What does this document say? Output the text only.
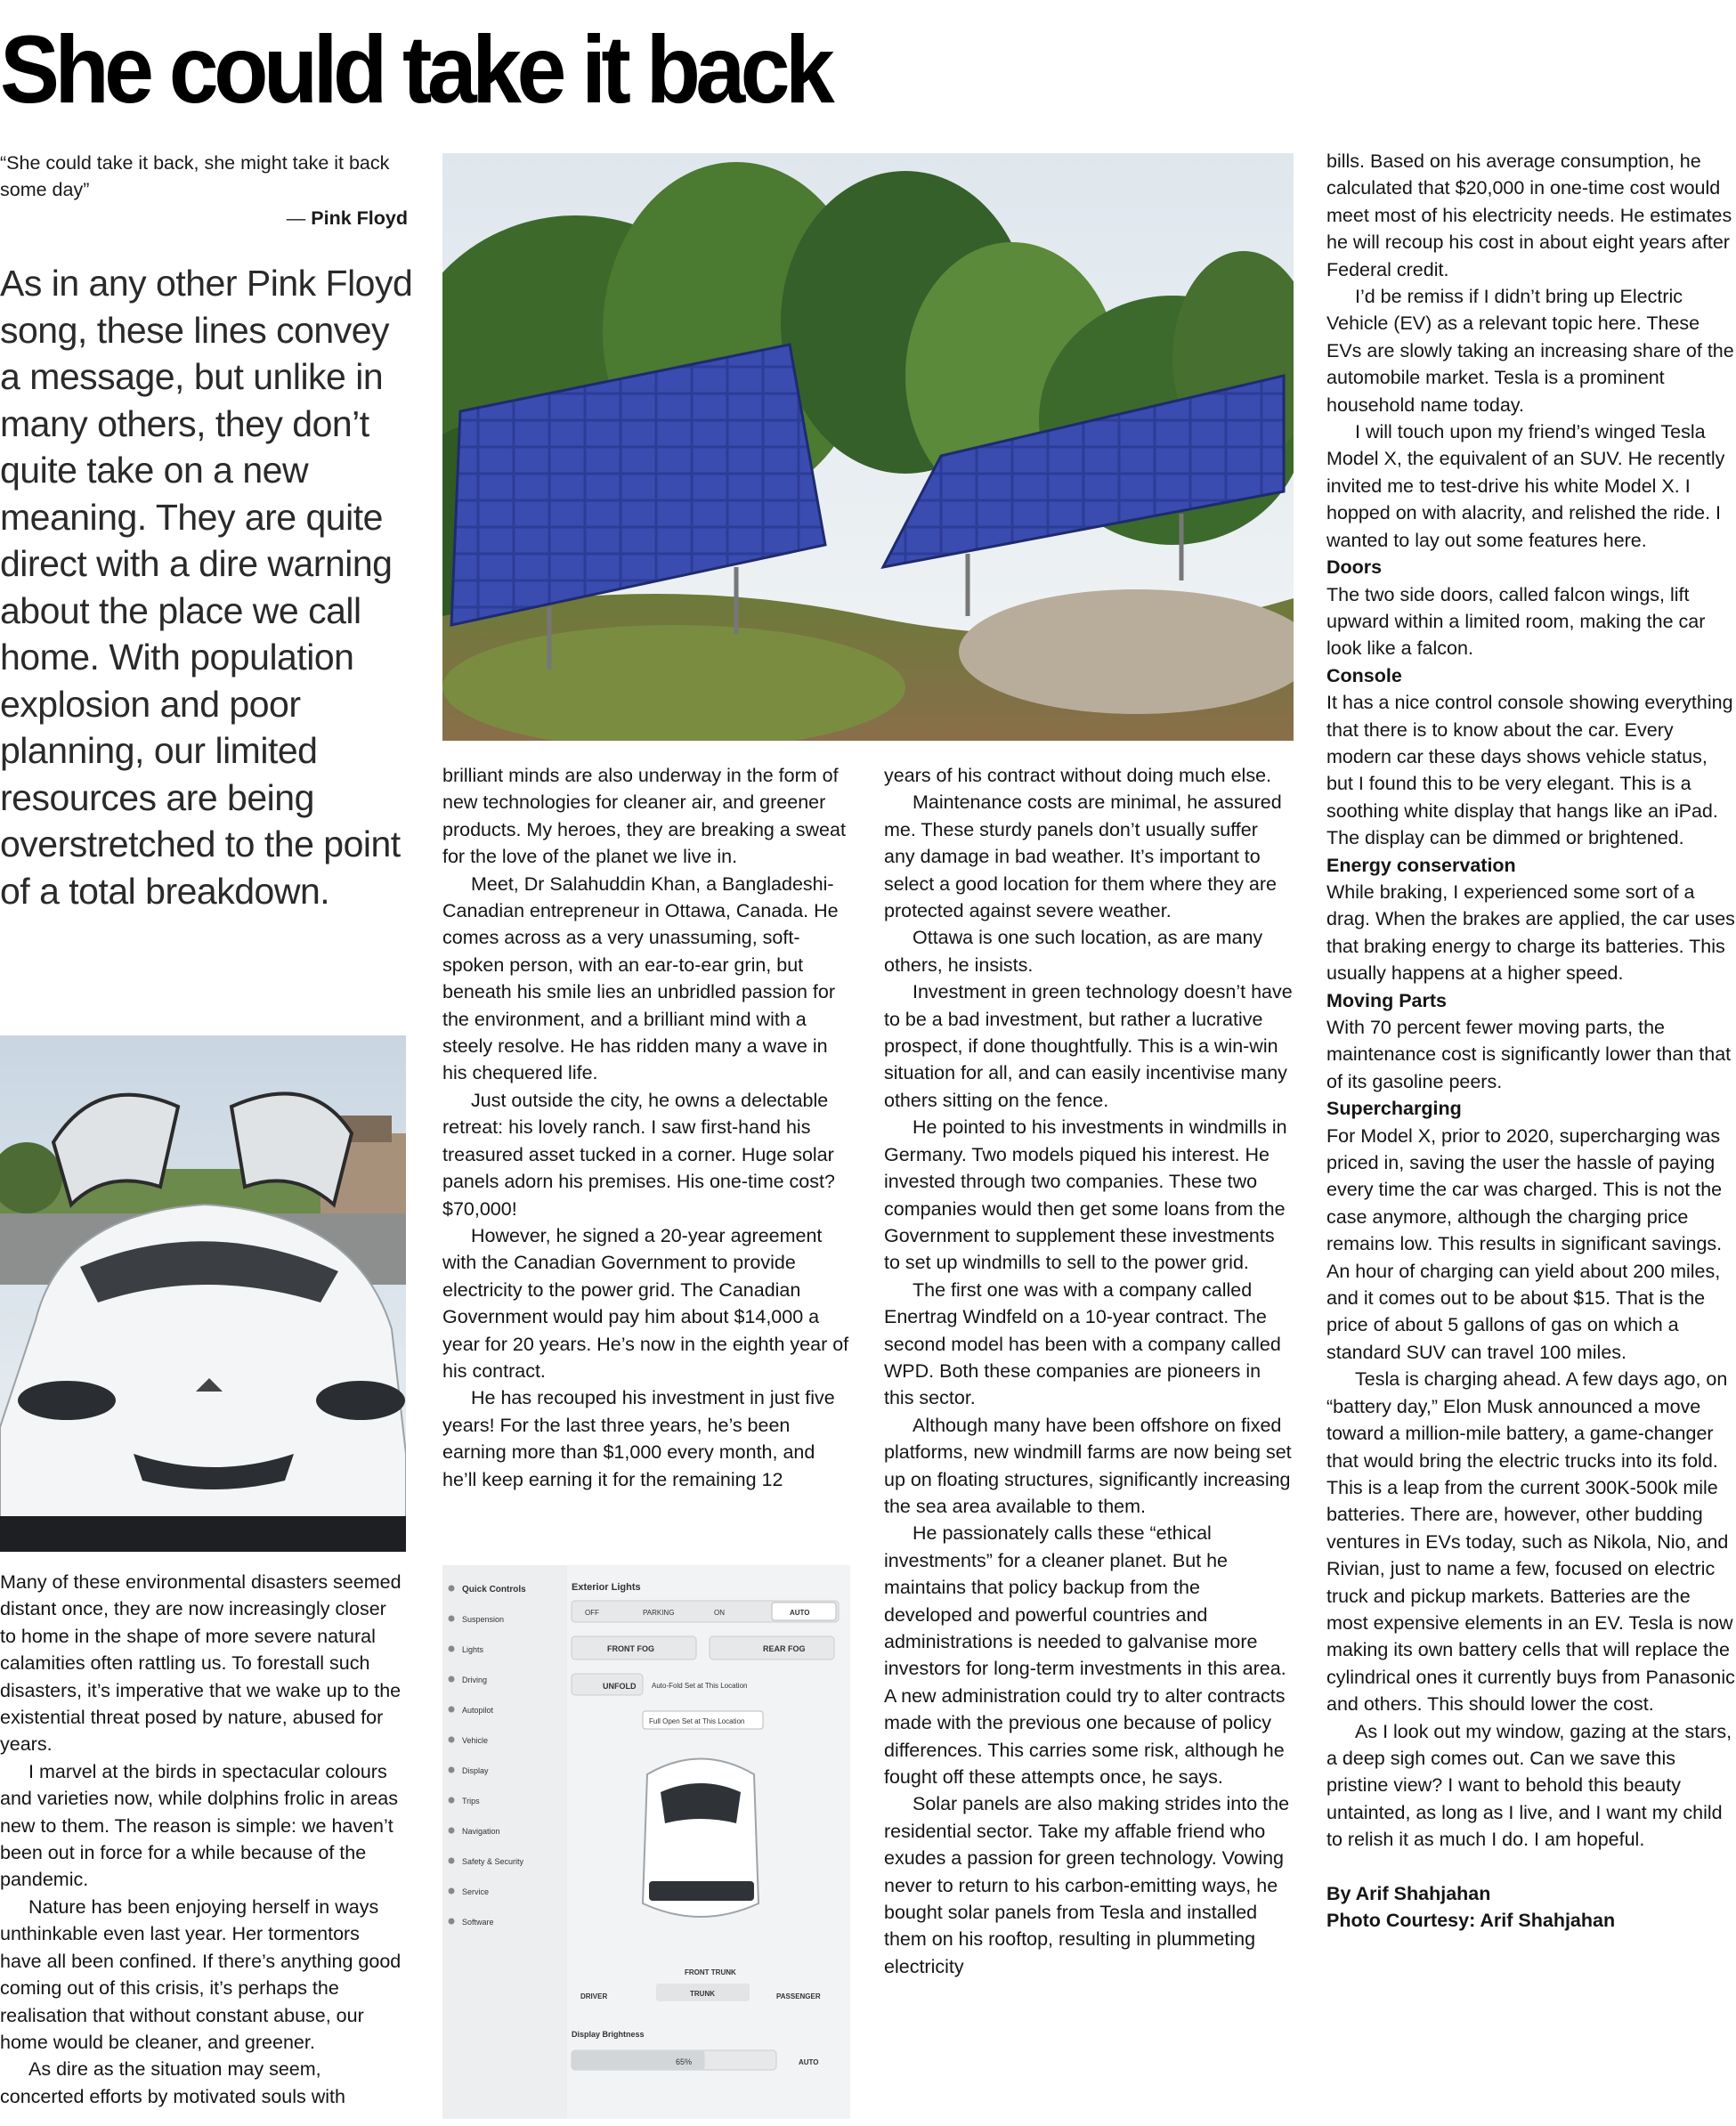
She could take it back
“She could take it back, she might take it back some day”
— Pink Floyd
As in any other Pink Floyd song, these lines convey a message, but unlike in many others, they don’t quite take on a new meaning. They are quite direct with a dire warning about the place we call home. With population explosion and poor planning, our limited resources are being overstretched to the point of a total breakdown.
Quick Controls
Suspension
Lights
Driving
Autopilot
Vehicle
Display
Trips
Navigation
Safety & Security
Service
Software
Exterior Lights
OFF	PARKING	ON	AUTO
FRONT FOG	REAR FOG
UNFOLD Auto-Fold Set at This Location
Full Open Set at This Location
FRONT TRUNK
TRUNK
DRIVER	PASSENGER
Display Brightness
65%	AUTO

Many of these environmental disasters seemed distant once, they are now increasingly closer to home in the shape of more severe natural calamities often rattling us. To forestall such disasters, it’s imperative that we wake up to the existential threat posed by nature, abused for years.

I marvel at the birds in spectacular colours and varieties now, while dolphins frolic in areas new to them. The reason is simple: we haven’t been out in force for a while because of the pandemic.

Nature has been enjoying herself in ways unthinkable even last year. Her tormentors have all been confined. If there’s anything good coming out of this crisis, it’s perhaps the realisation that without constant abuse, our home would be cleaner, and greener.

As dire as the situation may seem, concerted efforts by motivated souls with

brilliant minds are also underway in the form of new technologies for cleaner air, and greener products. My heroes, they are breaking a sweat for the love of the planet we live in.

Meet, Dr Salahuddin Khan, a Bangladeshi-Canadian entrepreneur in Ottawa, Canada. He comes across as a very unassuming, soft-spoken person, with an ear-to-ear grin, but beneath his smile lies an unbridled passion for the environment, and a brilliant mind with a steely resolve. He has ridden many a wave in his chequered life.

Just outside the city, he owns a delectable retreat: his lovely ranch. I saw first-hand his treasured asset tucked in a corner. Huge solar panels adorn his premises. His one-time cost? $70,000!

However, he signed a 20-year agreement with the Canadian Government to provide electricity to the power grid. The Canadian Government would pay him about $14,000 a year for 20 years. He’s now in the eighth year of his contract.

He has recouped his investment in just five years! For the last three years, he’s been earning more than $1,000 every month, and he’ll keep earning it for the remaining 12

years of his contract without doing much else.

Maintenance costs are minimal, he assured me. These sturdy panels don’t usually suffer any damage in bad weather. It’s important to select a good location for them where they are protected against severe weather.

Ottawa is one such location, as are many others, he insists.

Investment in green technology doesn’t have to be a bad investment, but rather a lucrative prospect, if done thoughtfully. This is a win-win situation for all, and can easily incentivise many others sitting on the fence.

He pointed to his investments in windmills in Germany. Two models piqued his interest. He invested through two companies. These two companies would then get some loans from the Government to supplement these investments to set up windmills to sell to the power grid.

The first one was with a company called Enertrag Windfeld on a 10-year contract. The second model has been with a company called WPD. Both these companies are pioneers in this sector.

Although many have been offshore on fixed platforms, new windmill farms are now being set up on floating structures, significantly increasing the sea area available to them.

He passionately calls these “ethical investments” for a cleaner planet. But he maintains that policy backup from the developed and powerful countries and administrations is needed to galvanise more investors for long-term investments in this area. A new administration could try to alter contracts made with the previous one because of policy differences. This carries some risk, although he fought off these attempts once, he says.

Solar panels are also making strides into the residential sector. Take my affable friend who exudes a passion for green technology. Vowing never to return to his carbon-emitting ways, he bought solar panels from Tesla and installed them on his rooftop, resulting in plummeting electricity

bills. Based on his average consumption, he calculated that $20,000 in one-time cost would meet most of his electricity needs. He estimates he will recoup his cost in about eight years after Federal credit.

I’d be remiss if I didn’t bring up Electric Vehicle (EV) as a relevant topic here. These EVs are slowly taking an increasing share of the automobile market. Tesla is a prominent household name today.

I will touch upon my friend’s winged Tesla Model X, the equivalent of an SUV. He recently invited me to test-drive his white Model X. I hopped on with alacrity, and relished the ride. I wanted to lay out some features here.

Doors

The two side doors, called falcon wings, lift upward within a limited room, making the car look like a falcon.

Console

It has a nice control console showing everything that there is to know about the car. Every modern car these days shows vehicle status, but I found this to be very elegant. This is a soothing white display that hangs like an iPad. The display can be dimmed or brightened.

Energy conservation

While braking, I experienced some sort of a drag. When the brakes are applied, the car uses that braking energy to charge its batteries. This usually happens at a higher speed.

Moving Parts

With 70 percent fewer moving parts, the maintenance cost is significantly lower than that of its gasoline peers.

Supercharging

For Model X, prior to 2020, supercharging was priced in, saving the user the hassle of paying every time the car was charged. This is not the case anymore, although the charging price remains low. This results in significant savings. An hour of charging can yield about 200 miles, and it comes out to be about $15. That is the price of about 5 gallons of gas on which a standard SUV can travel 100 miles.

Tesla is charging ahead. A few days ago, on “battery day,” Elon Musk announced a move toward a million-mile battery, a game-changer that would bring the electric trucks into its fold. This is a leap from the current 300K-500k mile batteries. There are, however, other budding ventures in EVs today, such as Nikola, Nio, and Rivian, just to name a few, focused on electric truck and pickup markets. Batteries are the most expensive elements in an EV. Tesla is now making its own battery cells that will replace the cylindrical ones it currently buys from Panasonic and others. This should lower the cost.

As I look out my window, gazing at the stars, a deep sigh comes out. Can we save this pristine view? I want to behold this beauty untainted, as long as I live, and I want my child to relish it as much I do. I am hopeful.

By Arif Shahjahan

Photo Courtesy: Arif Shahjahan
